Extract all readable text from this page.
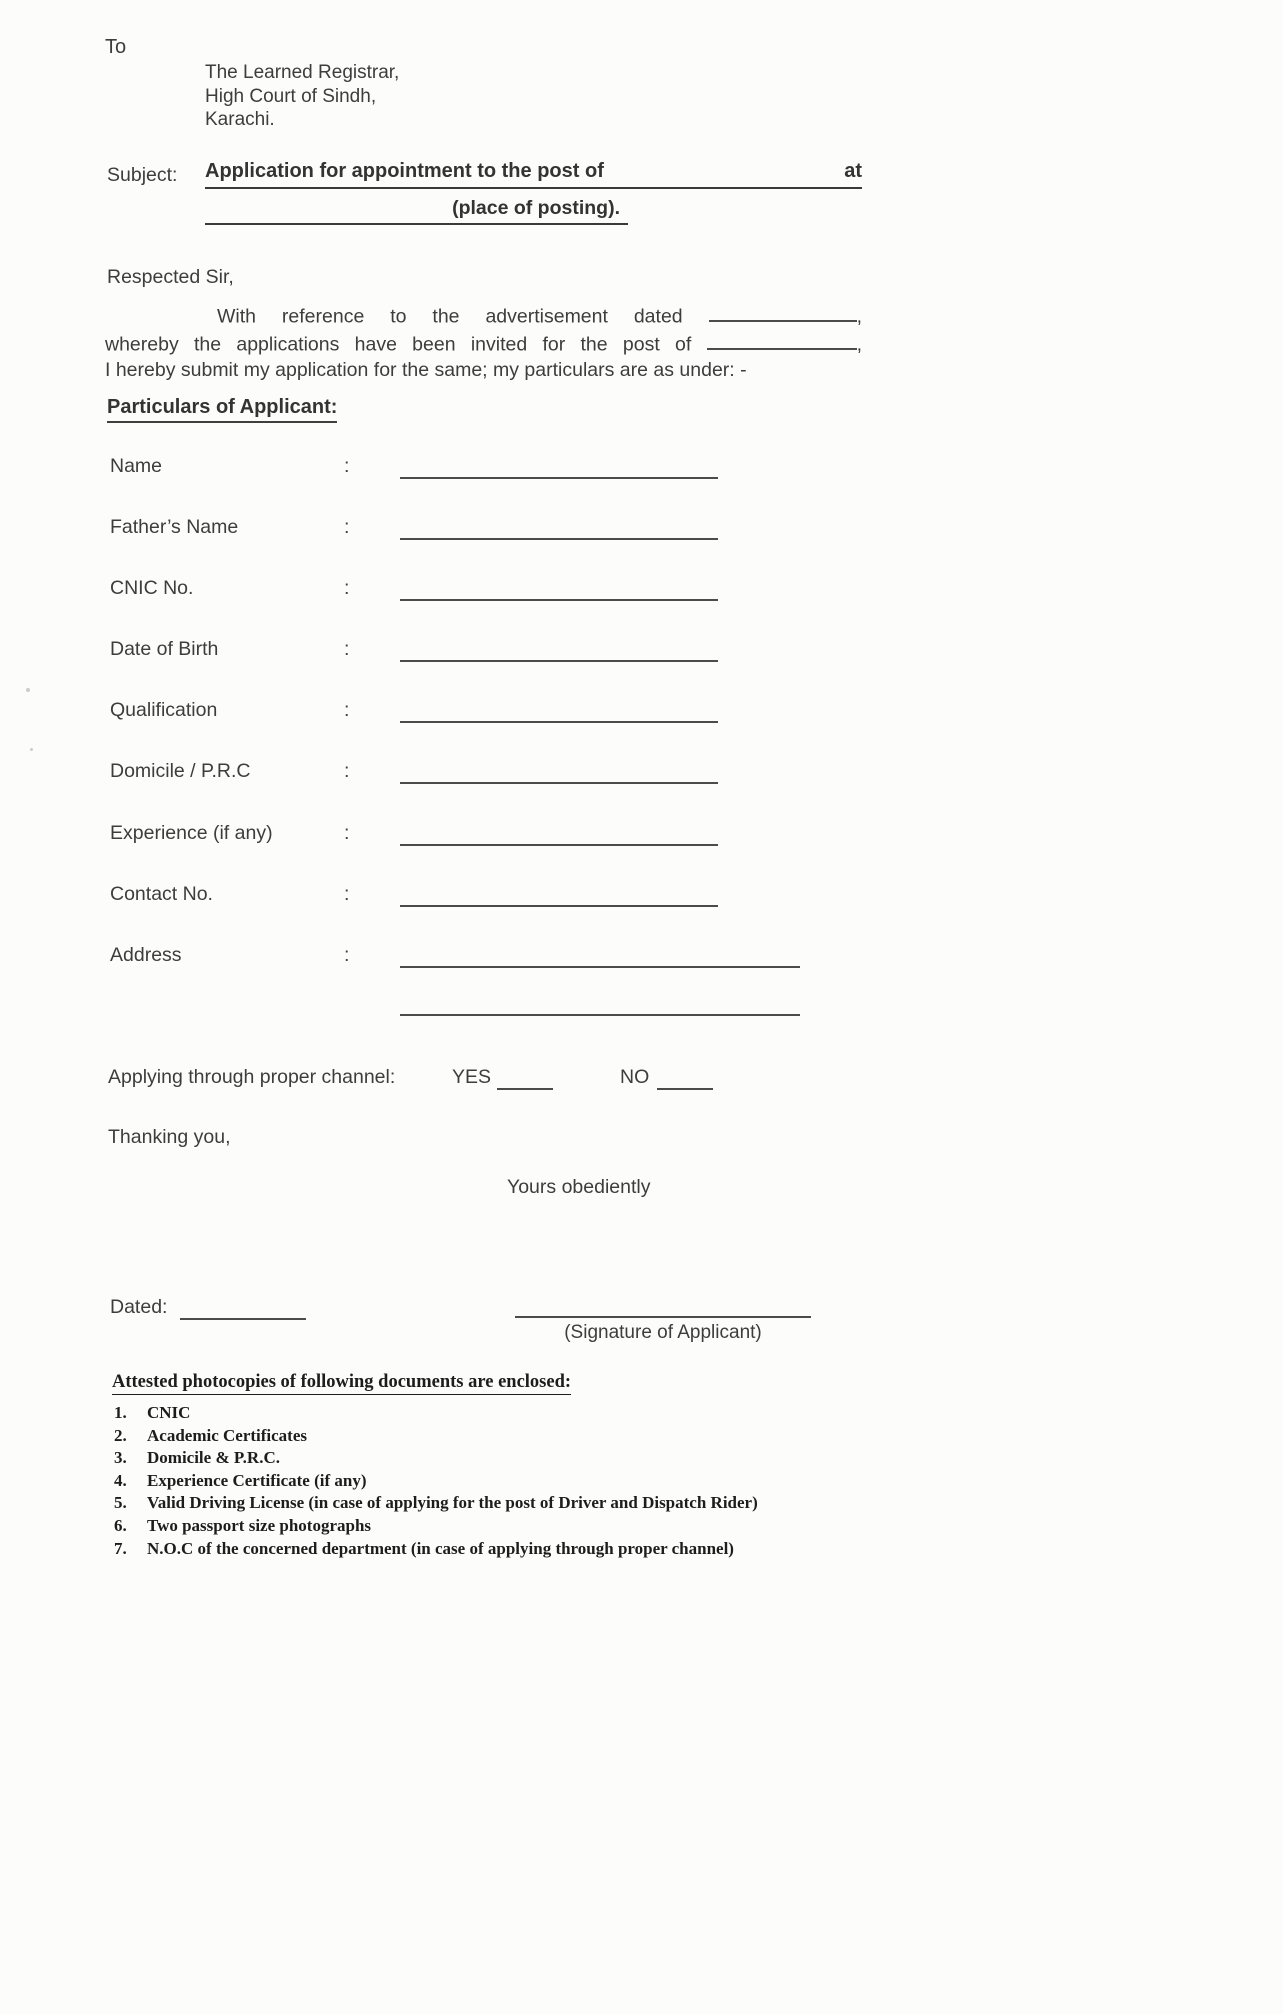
To
The Learned Registrar,
High Court of Sindh,
Karachi.
Subject: Application for appointment to the post of	at
(place of posting).
Respected Sir,
With reference to the advertisement dated	,
whereby the applications have been invited for the post of	,
I hereby submit my application for the same; my particulars are as under: -
Particulars of Applicant:
Name	:
Father’s Name	:
CNIC No.	:
Date of Birth	:
Qualification	:
Domicile / P.R.C	:
Experience (if any)	:
Contact No.	:
Address	:
Applying through proper channel:	YES	NO
Thanking you,
Yours obediently
Dated:
(Signature of Applicant)
Attested photocopies of following documents are enclosed:
CNIC
Academic Certificates
Domicile & P.R.C.
Experience Certificate (if any)
Valid Driving License (in case of applying for the post of Driver and Dispatch Rider)
Two passport size photographs
N.O.C of the concerned department (in case of applying through proper channel)
